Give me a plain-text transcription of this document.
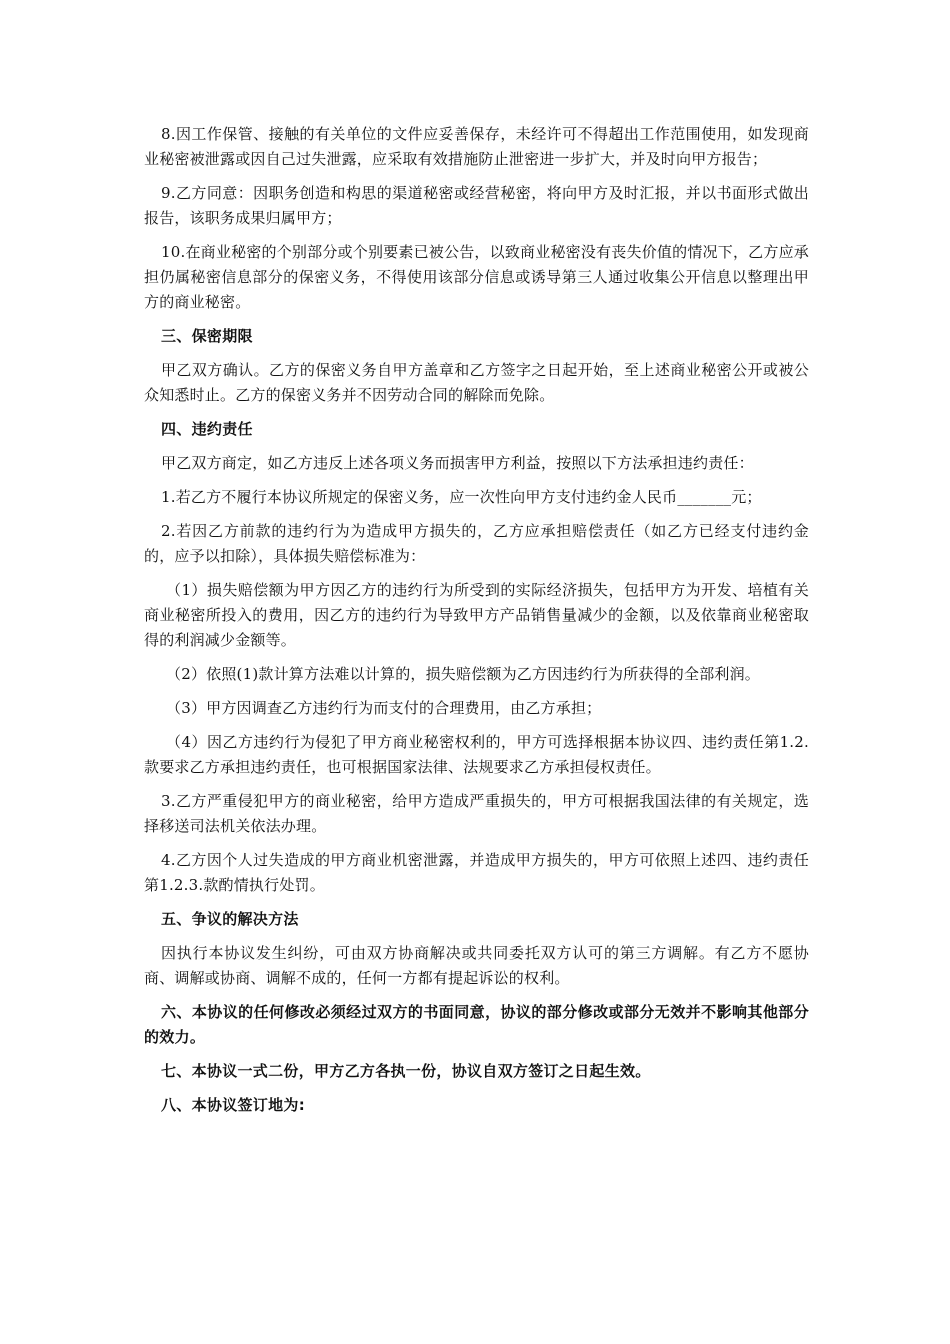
8.因工作保管、接触的有关单位的文件应妥善保存，未经许可不得超出工作范围使用，如发现商业秘密被泄露或因自己过失泄露，应采取有效措施防止泄密进一步扩大，并及时向甲方报告；

9.乙方同意：因职务创造和构思的渠道秘密或经营秘密，将向甲方及时汇报，并以书面形式做出报告，该职务成果归属甲方；

10.在商业秘密的个别部分或个别要素已被公告，以致商业秘密没有丧失价值的情况下，乙方应承担仍属秘密信息部分的保密义务，不得使用该部分信息或诱导第三人通过收集公开信息以整理出甲方的商业秘密。

三、保密期限

甲乙双方确认。乙方的保密义务自甲方盖章和乙方签字之日起开始，至上述商业秘密公开或被公众知悉时止。乙方的保密义务并不因劳动合同的解除而免除。

四、违约责任

甲乙双方商定，如乙方违反上述各项义务而损害甲方利益，按照以下方法承担违约责任：

1.若乙方不履行本协议所规定的保密义务，应一次性向甲方支付违约金人民币_______元；

2.若因乙方前款的违约行为为造成甲方损失的，乙方应承担赔偿责任（如乙方已经支付违约金的，应予以扣除），具体损失赔偿标准为：

（1）损失赔偿额为甲方因乙方的违约行为所受到的实际经济损失，包括甲方为开发、培植有关商业秘密所投入的费用，因乙方的违约行为导致甲方产品销售量减少的金额，以及依靠商业秘密取得的利润减少金额等。

（2）依照(1)款计算方法难以计算的，损失赔偿额为乙方因违约行为所获得的全部利润。

（3）甲方因调查乙方违约行为而支付的合理费用，由乙方承担；

（4）因乙方违约行为侵犯了甲方商业秘密权利的，甲方可选择根据本协议四、违约责任第1.2.款要求乙方承担违约责任，也可根据国家法律、法规要求乙方承担侵权责任。

3.乙方严重侵犯甲方的商业秘密，给甲方造成严重损失的，甲方可根据我国法律的有关规定，选择移送司法机关依法办理。

4.乙方因个人过失造成的甲方商业机密泄露，并造成甲方损失的，甲方可依照上述四、违约责任 第1.2.3.款酌情执行处罚。

五、争议的解决方法

因执行本协议发生纠纷，可由双方协商解决或共同委托双方认可的第三方调解。有乙方不愿协商、调解或协商、调解不成的，任何一方都有提起诉讼的权利。

六、本协议的任何修改必须经过双方的书面同意，协议的部分修改或部分无效并不影响其他部分的效力。

七、本协议一式二份，甲方乙方各执一份，协议自双方签订之日起生效。

八、本协议签订地为:
